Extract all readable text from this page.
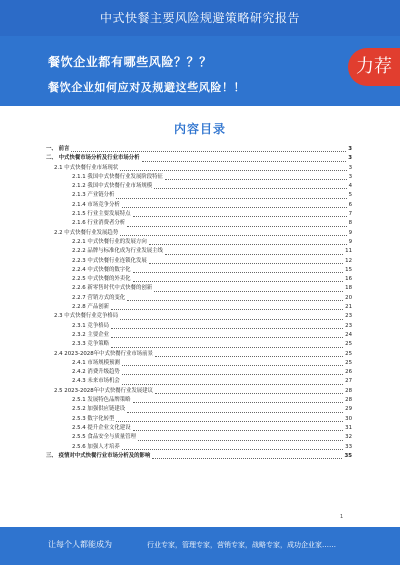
中式快餐主要风险规避策略研究报告
餐饮企业都有哪些风险？？？
餐饮企业如何应对及规避这些风险！！
力荐
内容目录
一、 前言	3
二、 中式快餐市场分析及行业市场分析	3
2.1 中式快餐行业市场现状	3
2.1.1 我国中式快餐行业发展阶段特征	3
2.1.2 我国中式快餐行业市场规模	4
2.1.3 产业链分析	5
2.1.4 市场竞争分析	6
2.1.5 行业主要发展特点	7
2.1.6 行业消费者分析	8
2.2 中式快餐行业发展趋势	9
2.2.1 中式快餐行业的发展方向	9
2.2.2 品牌与标准化成为行业发展主线	11
2.2.3 中式快餐行业连锁化发展	12
2.2.4 中式快餐的数字化	15
2.2.5 中式快餐的外卖化	16
2.2.6 新零售时代中式快餐的创新	18
2.2.7 营销方式的变化	20
2.2.8 产品创新	21
2.3 中式快餐行业竞争格局	23
2.3.1 竞争格局	23
2.3.2 主要企业	24
2.3.3 竞争策略	25
2.4 2023-2028年中式快餐行业市场前景	25
2.4.1 市场规模预测	25
2.4.2 消费升级趋势	26
2.4.3 未来市场机会	27
2.5 2023-2028年中式快餐行业发展建议	28
2.5.1 发展特色品牌策略	28
2.5.2 加强供应链建设	29
2.5.3 数字化转型	30
2.5.4 提升企业文化建设	31
2.5.5 食品安全与质量管理	32
2.5.6 加强人才培养	33
三、 疫情对中式快餐行业市场分析及的影响	35
1
让每个人都能成为	行业专家，管理专家，营销专家，战略专家，成功企业家……
